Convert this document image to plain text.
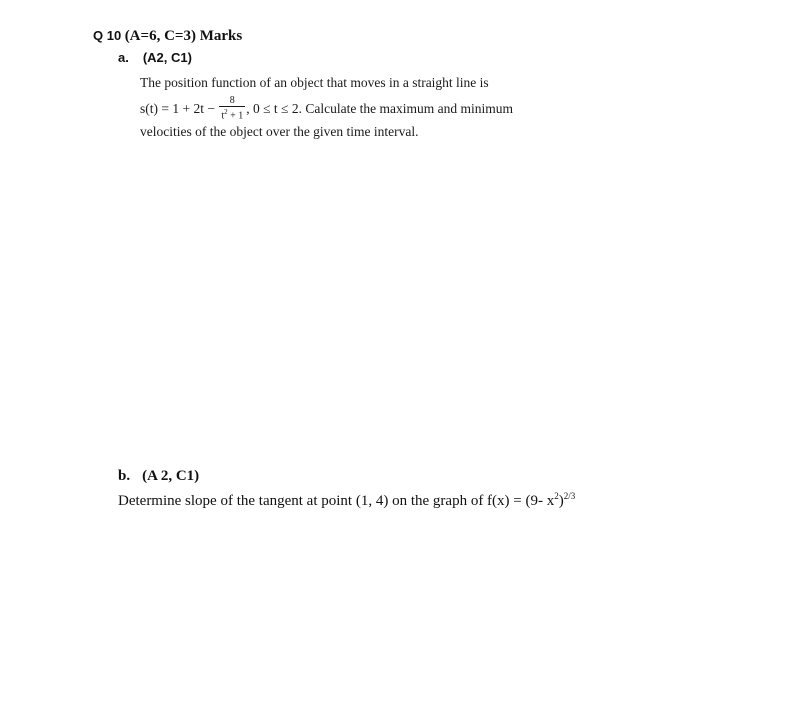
Q 10 (A=6, C=3) Marks
a. (A2, C1)
The position function of an object that moves in a straight line is
$s(t) = 1 + 2t - \frac{8}{t^2 + 1}$ , 0 ≤ t ≤ 2. Calculate the maximum and minimum
velocities of the object over the given time interval.
b. (A 2, C1)
Determine slope of the tangent at point (1, 4) on the graph of f(x) = (9- $x^2)^{2/3}$
